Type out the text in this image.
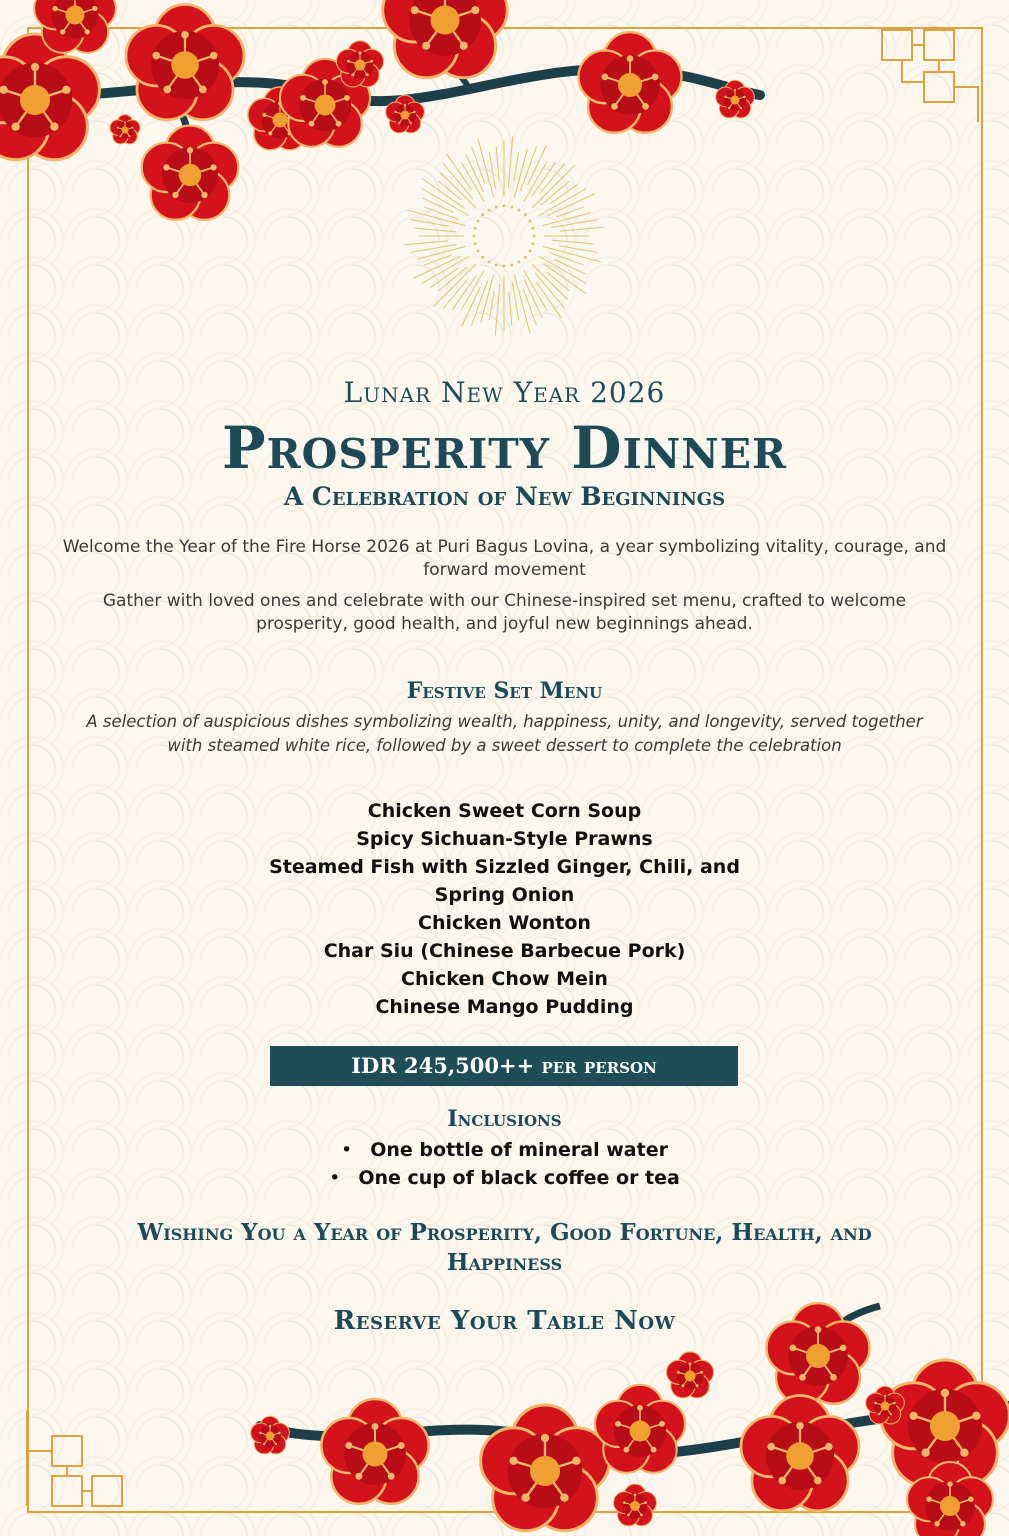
Lunar New Year 2026
Prosperity Dinner
A Celebration of New Beginnings
Welcome the Year of the Fire Horse 2026 at Puri Bagus Lovina, a year symbolizing vitality, courage, and forward movement
Gather with loved ones and celebrate with our Chinese-inspired set menu, crafted to welcome prosperity, good health, and joyful new beginnings ahead.
Festive Set Menu
A selection of auspicious dishes symbolizing wealth, happiness, unity, and longevity, served together with steamed white rice, followed by a sweet dessert to complete the celebration
Chicken Sweet Corn Soup
Spicy Sichuan-Style Prawns
Steamed Fish with Sizzled Ginger, Chili, and
Spring Onion
Chicken Wonton
Char Siu (Chinese Barbecue Pork)
Chicken Chow Mein
Chinese Mango Pudding
IDR 245,500++ per person
Inclusions
• One bottle of mineral water
• One cup of black coffee or tea
Wishing You a Year of Prosperity, Good Fortune, Health, and Happiness
Reserve Your Table Now
